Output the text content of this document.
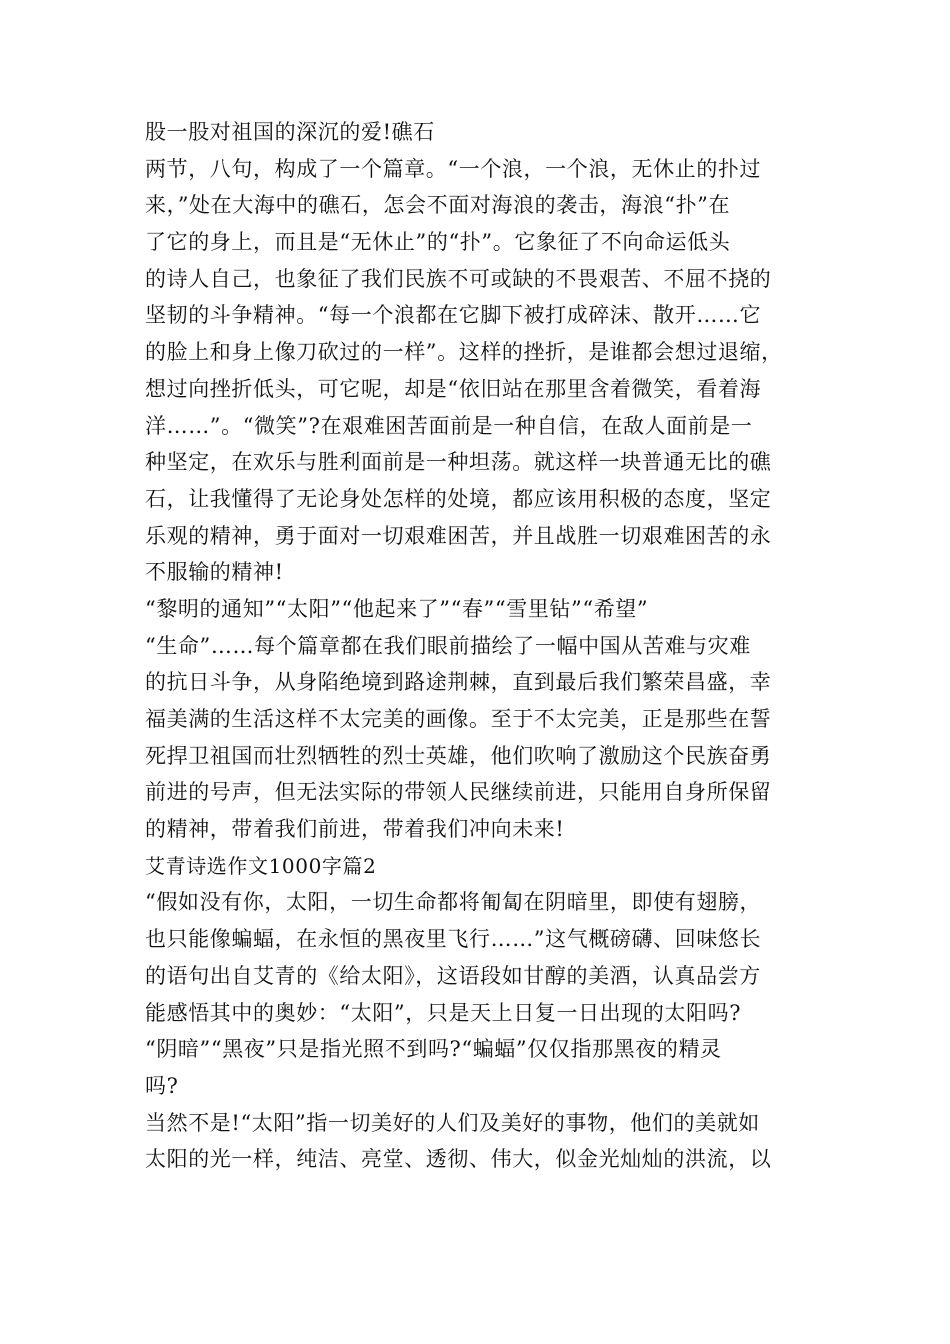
股一股对祖国的深沉的爱!礁石
两节，八句，构成了一个篇章。“一个浪，一个浪，无休止的扑过
来，”处在大海中的礁石，怎会不面对海浪的袭击，海浪“扑”在
了它的身上，而且是“无休止”的“扑”。它象征了不向命运低头
的诗人自己，也象征了我们民族不可或缺的不畏艰苦、不屈不挠的
坚韧的斗争精神。“每一个浪都在它脚下被打成碎沫、散开……它
的脸上和身上像刀砍过的一样”。这样的挫折，是谁都会想过退缩，
想过向挫折低头，可它呢，却是“依旧站在那里含着微笑，看着海
洋……”。“微笑”?在艰难困苦面前是一种自信，在敌人面前是一
种坚定，在欢乐与胜利面前是一种坦荡。就这样一块普通无比的礁
石，让我懂得了无论身处怎样的处境，都应该用积极的态度，坚定
乐观的精神，勇于面对一切艰难困苦，并且战胜一切艰难困苦的永
不服输的精神!
“黎明的通知”“太阳”“他起来了”“春”“雪里钻”“希望”
“生命”……每个篇章都在我们眼前描绘了一幅中国从苦难与灾难
的抗日斗争，从身陷绝境到路途荆棘，直到最后我们繁荣昌盛，幸
福美满的生活这样不太完美的画像。至于不太完美，正是那些在誓
死捍卫祖国而壮烈牺牲的烈士英雄，他们吹响了激励这个民族奋勇
前进的号声，但无法实际的带领人民继续前进，只能用自身所保留
的精神，带着我们前进，带着我们冲向未来!
艾青诗选作文1000字篇2
“假如没有你，太阳，一切生命都将匍匐在阴暗里，即使有翅膀，
也只能像蝙蝠，在永恒的黑夜里飞行……”这气概磅礴、回味悠长
的语句出自艾青的《给太阳》，这语段如甘醇的美酒，认真品尝方
能感悟其中的奥妙：“太阳”，只是天上日复一日出现的太阳吗?
“阴暗”“黑夜”只是指光照不到吗?“蝙蝠”仅仅指那黑夜的精灵
吗?
当然不是!“太阳”指一切美好的人们及美好的事物，他们的美就如
太阳的光一样，纯洁、亮堂、透彻、伟大，似金光灿灿的洪流，以
